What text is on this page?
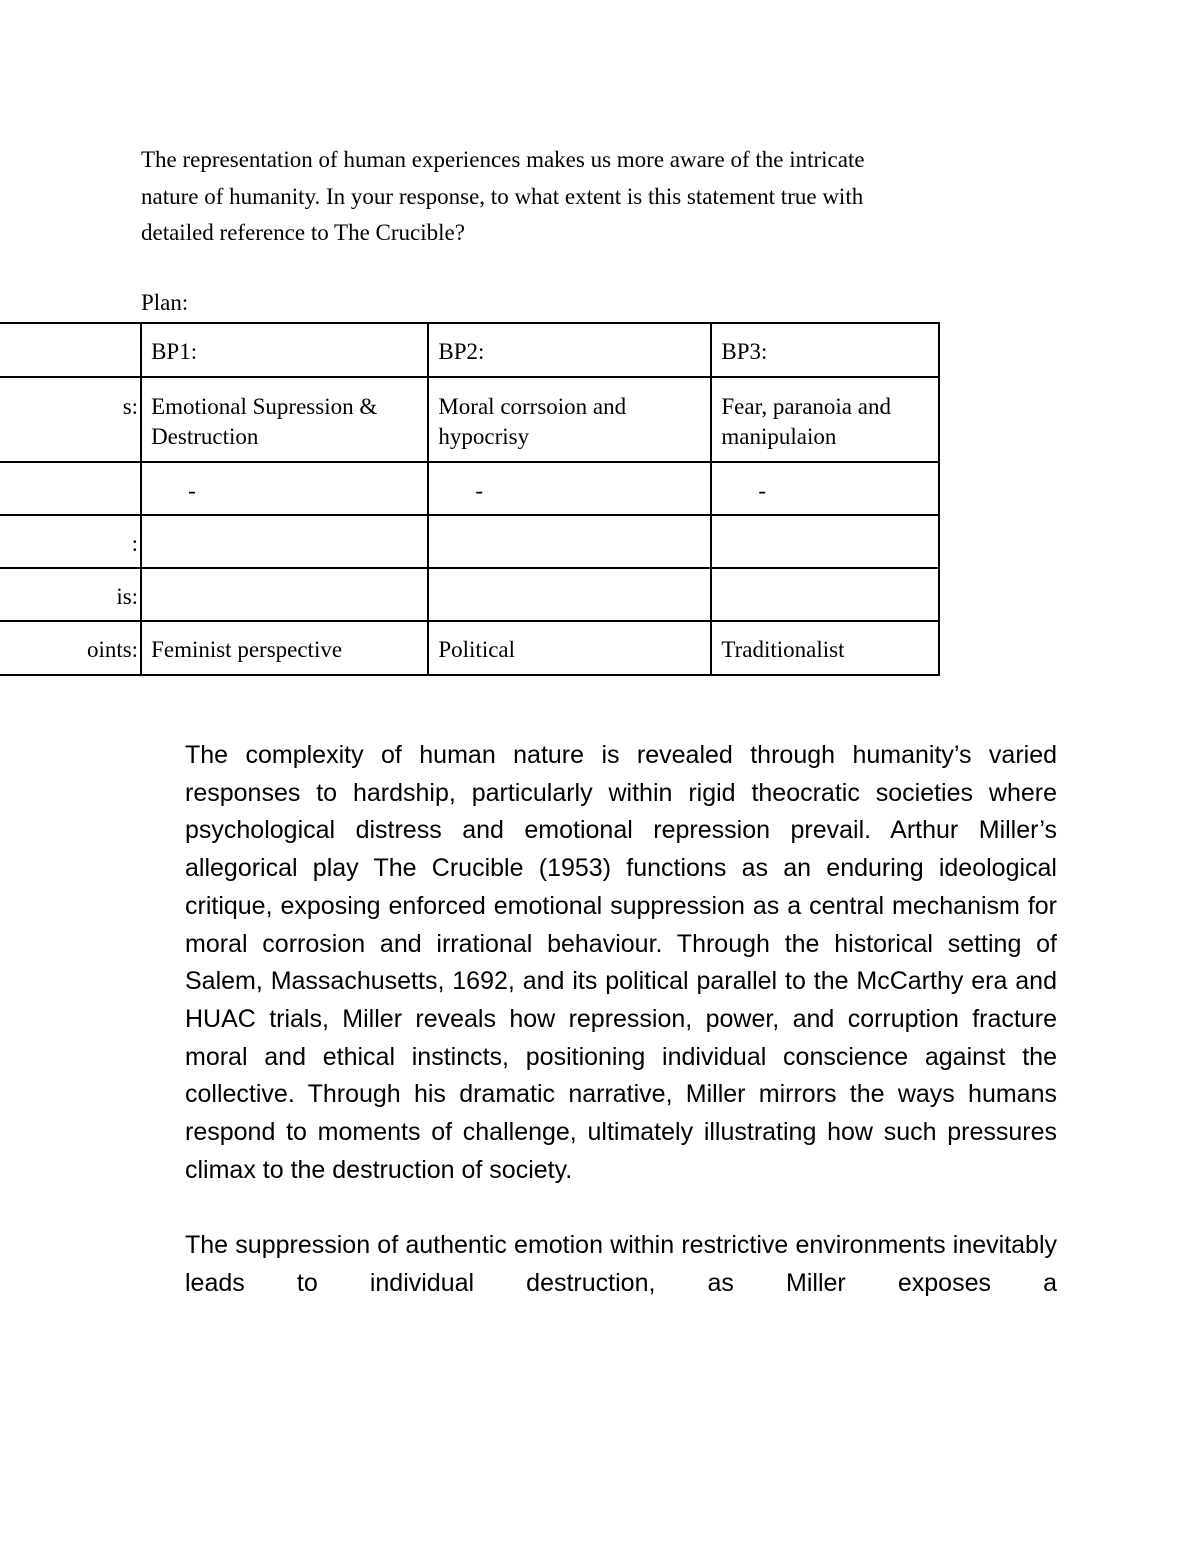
The representation of human experiences makes us more aware of the intricate
nature of humanity. In your response, to what extent is this statement true with
detailed reference to The Crucible?
Plan:
	BP1:	BP2:	BP3:
s:	Emotional Supression & Destruction	Moral corrsoion and hypocrisy	Fear, paranoia and manipulaion
	-	-	-
:			
is:			
oints:	Feminist perspective	Political	Traditionalist

The complexity of human nature is revealed through humanity’s varied responses to hardship, particularly within rigid theocratic societies where psychological distress and emotional repression prevail. Arthur Miller’s allegorical play The Crucible (1953) functions as an enduring ideological critique, exposing enforced emotional suppression as a central mechanism for moral corrosion and irrational behaviour. Through the historical setting of Salem, Massachusetts, 1692, and its political parallel to the McCarthy era and HUAC trials, Miller reveals how repression, power, and corruption fracture moral and ethical instincts, positioning individual conscience against the collective. Through his dramatic narrative, Miller mirrors the ways humans respond to moments of challenge, ultimately illustrating how such pressures climax to the destruction of society.

The suppression of authentic emotion within restrictive environments inevitably leads to individual destruction, as Miller exposes a
